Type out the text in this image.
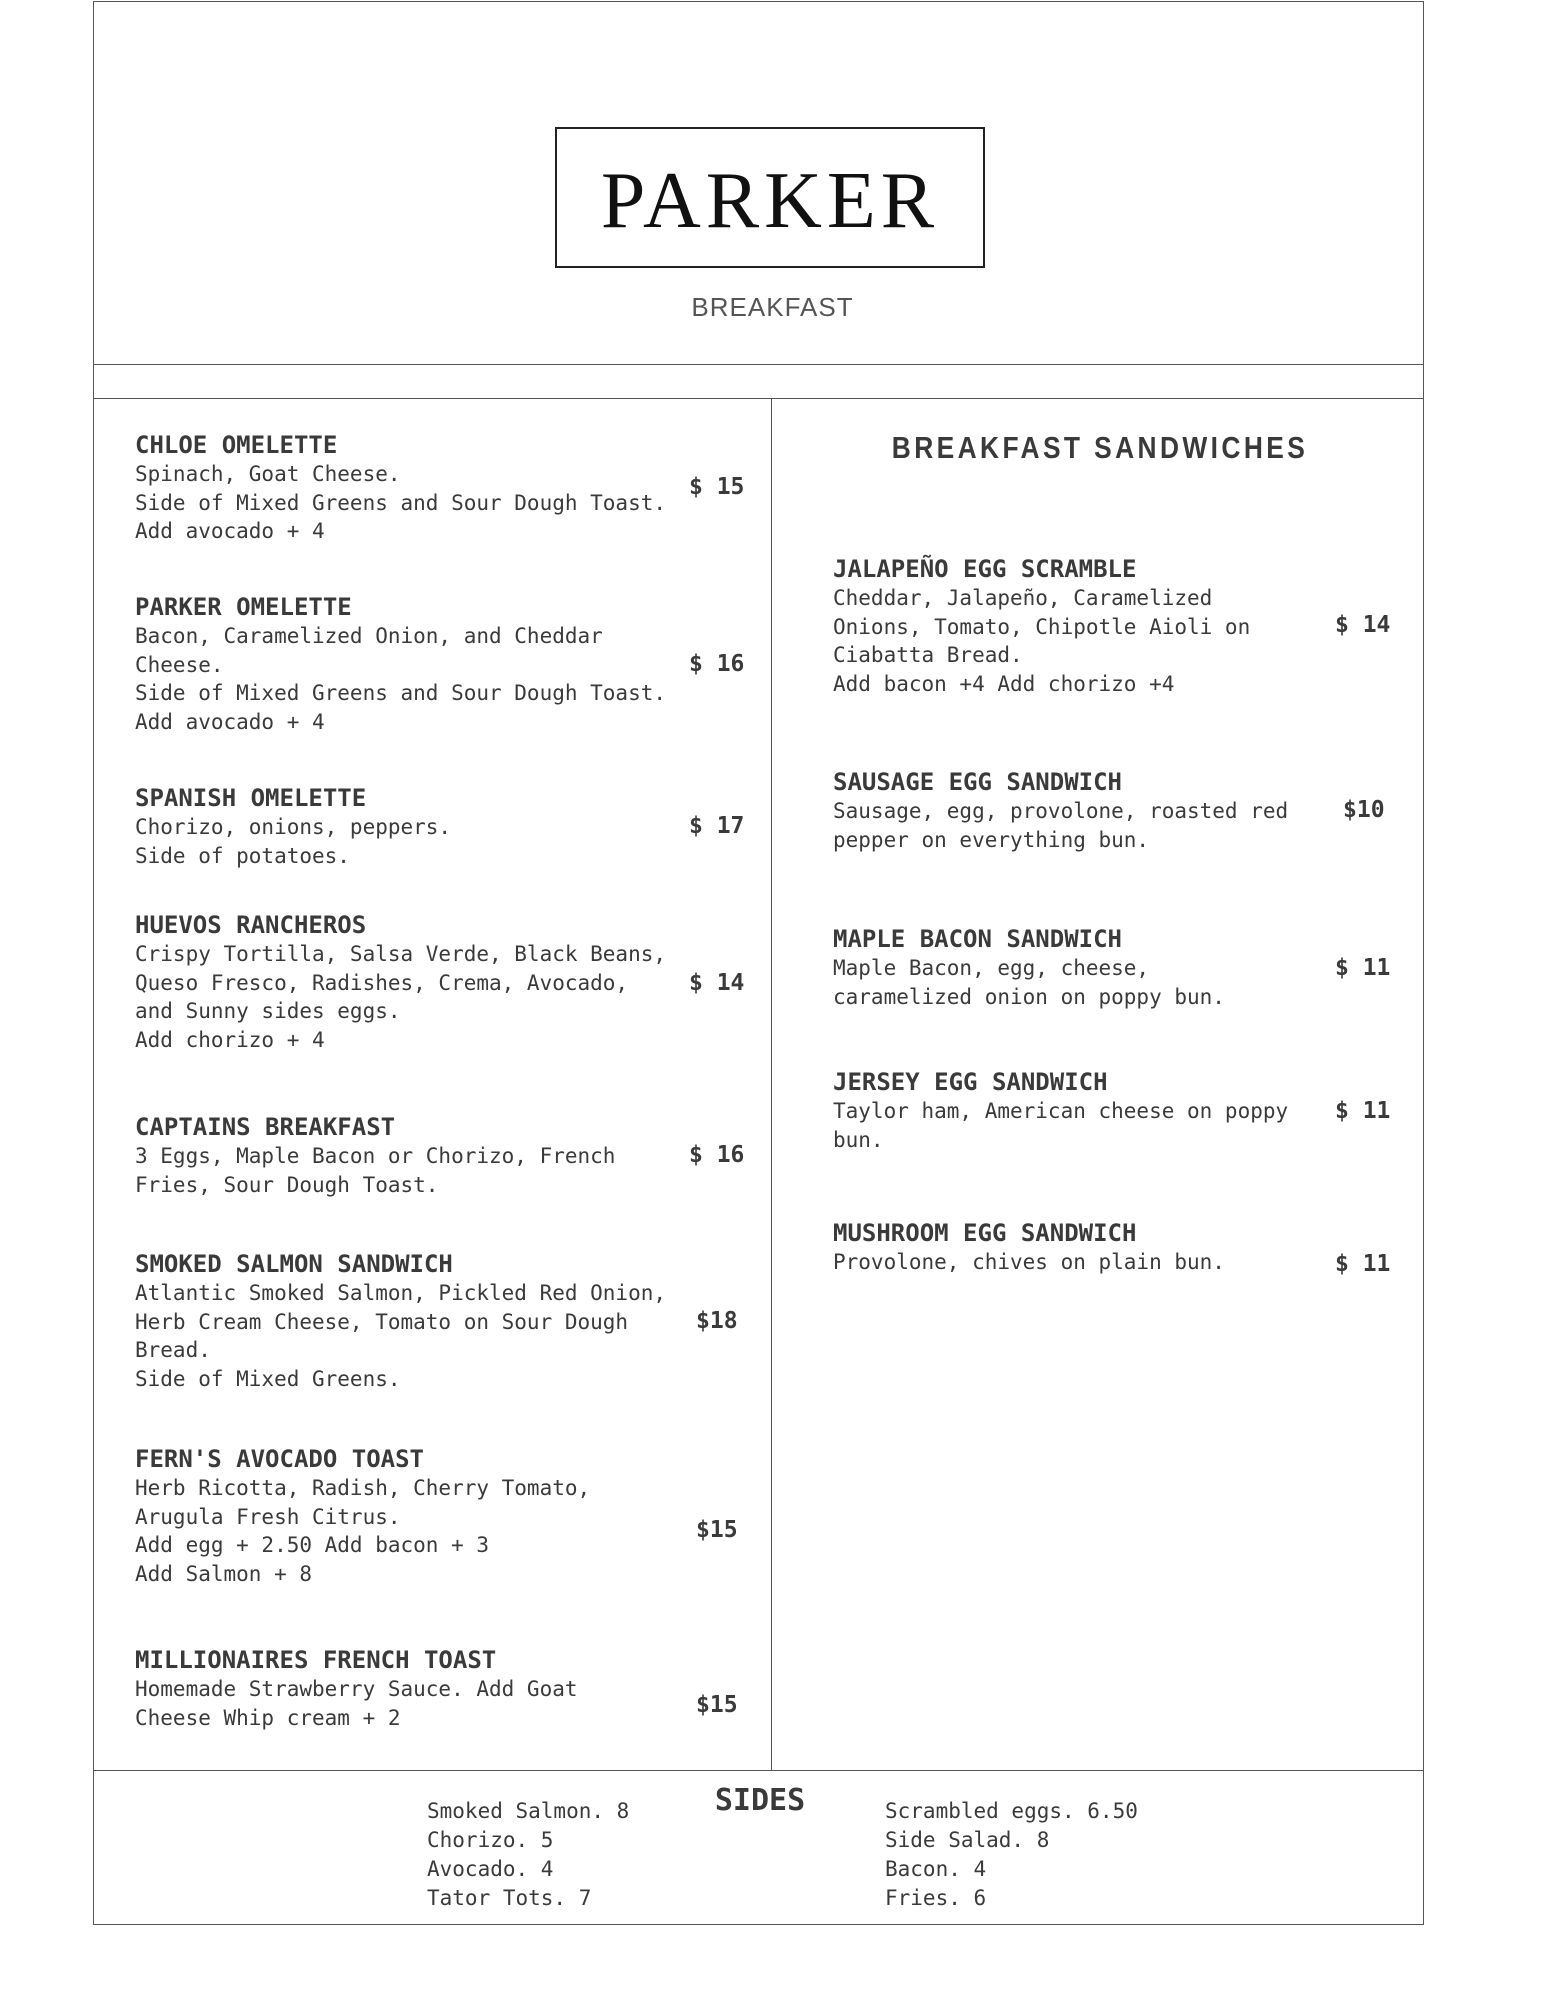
PARKER
BREAKFAST
CHLOE OMELETTE
Spinach, Goat Cheese.
Side of Mixed Greens and Sour Dough Toast.
Add avocado + 4
$ 15
PARKER OMELETTE
Bacon, Caramelized Onion, and Cheddar
Cheese.
Side of Mixed Greens and Sour Dough Toast.
Add avocado + 4
$ 16
SPANISH OMELETTE
Chorizo, onions, peppers.
Side of potatoes.
$ 17
HUEVOS RANCHEROS
Crispy Tortilla, Salsa Verde, Black Beans,
Queso Fresco, Radishes, Crema, Avocado,
and Sunny sides eggs.
Add chorizo + 4
$ 14
CAPTAINS BREAKFAST
3 Eggs, Maple Bacon or Chorizo, French
Fries, Sour Dough Toast.
$ 16
SMOKED SALMON SANDWICH
Atlantic Smoked Salmon, Pickled Red Onion,
Herb Cream Cheese, Tomato on Sour Dough
Bread.
Side of Mixed Greens.
$18
FERN'S AVOCADO TOAST
Herb Ricotta, Radish, Cherry Tomato,
Arugula Fresh Citrus.
Add egg + 2.50 Add bacon + 3
Add Salmon + 8
$15
MILLIONAIRES FRENCH TOAST
Homemade Strawberry Sauce. Add Goat
Cheese Whip cream + 2	$15
BREAKFAST SANDWICHES
JALAPEÑO EGG SCRAMBLE
Cheddar, Jalapeño, Caramelized
Onions, Tomato, Chipotle Aioli on
Ciabatta Bread.
Add bacon +4 Add chorizo +4
$ 14
SAUSAGE EGG SANDWICH
Sausage, egg, provolone, roasted red
pepper on everything bun.
$10
MAPLE BACON SANDWICH
Maple Bacon, egg, cheese,
caramelized onion on poppy bun.
$ 11
JERSEY EGG SANDWICH
Taylor ham, American cheese on poppy
bun.
$ 11
MUSHROOM EGG SANDWICH
Provolone, chives on plain bun.	$ 11
SIDES
Smoked Salmon. 8
Chorizo. 5
Avocado. 4
Tator Tots. 7
Scrambled eggs. 6.50
Side Salad. 8
Bacon. 4
Fries. 6
